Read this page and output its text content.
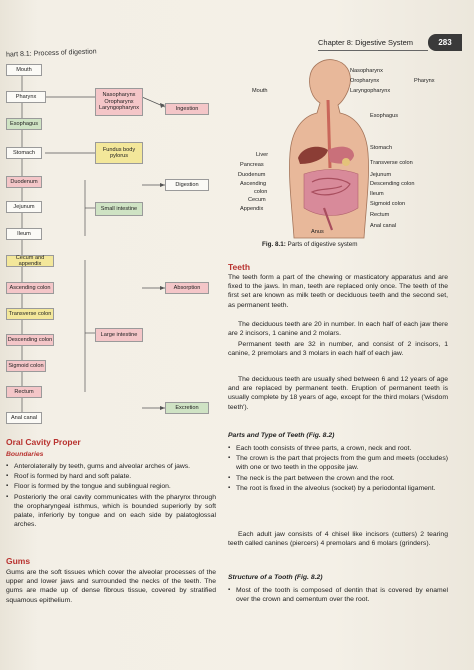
Chapter 8: Digestive System	283
hart 8.1: Process of digestion
Mouth
Pharynx	Nasopharynx Oropharynx Laryngopharynx	Ingestion
Esophagus
Stomach
Fundus body pylorus
Duodenum	Digestion
Jejunum	Small intestine
Ileum
Cecum and appendix
Ascending colon	Absorption
Transverse colon
Large intestine
Descending colon
Sigmoid colon
Rectum
Excretion
Anal canal
Nasopharynx
Oropharynx
Laryngopharynx
Pharynx
Mouth
Esophagus
Stomach
Liver
Pancreas	Transverse colon
Duodenum	Jejunum
Ascending	Descending colon
colon	Ileum
Cecum
Sigmoid colon
Appendix
Rectum
Anal canal
Anus
Fig. 8.1: Parts of digestive system
Teeth
The teeth form a part of the chewing or masticatory apparatus and are fixed to the jaws. In man, teeth are replaced only once. The teeth of the first set are known as milk teeth or deciduous teeth and the second set, as permanent teeth.
The deciduous teeth are 20 in number. In each half of each jaw there are 2 incisors, 1 canine and 2 molars.
Permanent teeth are 32 in number, and consist of 2 incisors, 1 canine, 2 premolars and 3 molars in each half of each jaw.
The deciduous teeth are usually shed between 6 and 12 years of age and are replaced by permanent teeth. Eruption of permanent teeth is usually complete by 18 years of age, except for the third molars ('wisdom teeth').
Parts and Type of Teeth (Fig. 8.2)
▪ Each tooth consists of three parts, a crown, neck and root.
▪ The crown is the part that projects from the gum and meets (occludes) with one or two teeth in the opposite jaw.
▪ The neck is the part between the crown and the root.
▪ The root is fixed in the alveolus (socket) by a periodontal ligament.
Each adult jaw consists of 4 chisel like incisors (cutters) 2 tearing teeth called canines (piercers) 4 premolars and 6 molars (grinders).
Structure of a Tooth (Fig. 8.2)
▪ Most of the tooth is composed of dentin that is covered by enamel over the crown and cementum over the root.
Oral Cavity Proper
Boundaries
▪ Anterolaterally by teeth, gums and alveolar arches of jaws.
▪ Roof is formed by hard and soft palate.
▪ Floor is formed by the tongue and sublingual region.
▪ Posteriorly the oral cavity communicates with the pharynx through the oropharyngeal isthmus, which is bounded superiorly by soft palate, inferiorly by tongue and on each side by palatoglossal arches.
Gums
Gums are the soft tissues which cover the alveolar processes of the upper and lower jaws and surrounded the necks of the teeth. The gums are made up of dense fibrous tissue, covered by stratified squamous epithelium.
